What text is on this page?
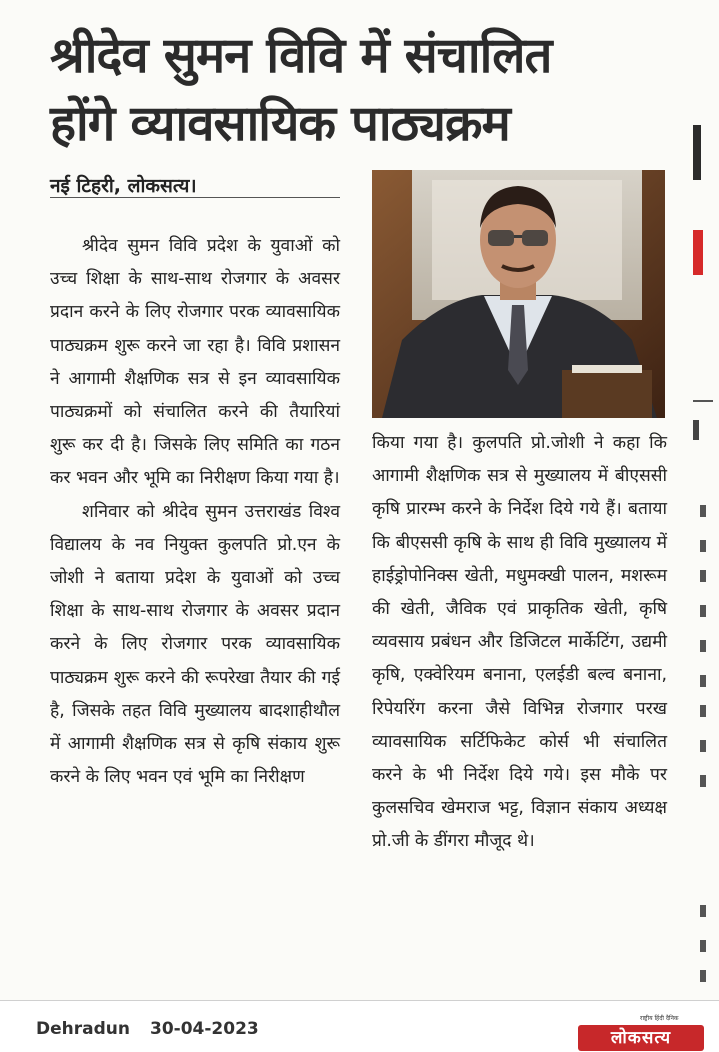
श्रीदेव सुमन विवि में संचालित
होंगे व्यावसायिक पाठ्यक्रम
नई टिहरी, लोकसत्य।

श्रीदेव सुमन विवि प्रदेश के युवाओं को उच्च शिक्षा के साथ-साथ रोजगार के अवसर प्रदान करने के लिए रोजगार परक व्यावसायिक पाठ्यक्रम शुरू करने जा रहा है। विवि प्रशासन ने आगामी शैक्षणिक सत्र से इन व्यावसायिक पाठ्यक्रमों को संचालित करने की तैयारियां शुरू कर दी है। जिसके लिए समिति का गठन कर भवन और भूमि का निरीक्षण किया गया है।

शनिवार को श्रीदेव सुमन उत्तराखंड विश्व विद्यालय के नव नियुक्त कुलपति प्रो.एन के जोशी ने बताया प्रदेश के युवाओं को उच्च शिक्षा के साथ-साथ रोजगार के अवसर प्रदान करने के लिए रोजगार परक व्यावसायिक पाठ्यक्रम शुरू करने की रूपरेखा तैयार की गई है, जिसके तहत विवि मुख्यालय बादशाहीथौल में आगामी शैक्षणिक सत्र से कृषि संकाय शुरू करने के लिए भवन एवं भूमि का निरीक्षण

किया गया है। कुलपति प्रो.जोशी ने कहा कि आगामी शैक्षणिक सत्र से मुख्यालय में बीएससी कृषि प्रारम्भ करने के निर्देश दिये गये हैं। बताया कि बीएससी कृषि के साथ ही विवि मुख्यालय में हाईड्रोपोनिक्स खेती, मधुमक्खी पालन, मशरूम की खेती, जैविक एवं प्राकृतिक खेती, कृषि व्यवसाय प्रबंधन और डिजिटल मार्केटिंग, उद्यमी कृषि, एक्वेरियम बनाना, एलईडी बल्व बनाना, रिपेयरिंग करना जैसे विभिन्न रोजगार परख व्यावसायिक सर्टिफिकेट कोर्स भी संचालित करने के भी निर्देश दिये गये। इस मौके पर कुलसचिव खेमराज भट्ट, विज्ञान संकाय अध्यक्ष प्रो.जी के डींगरा मौजूद थे।

Dehradun 30-04-2023
राष्ट्रीय हिंदी दैनिक
लोकसत्य
